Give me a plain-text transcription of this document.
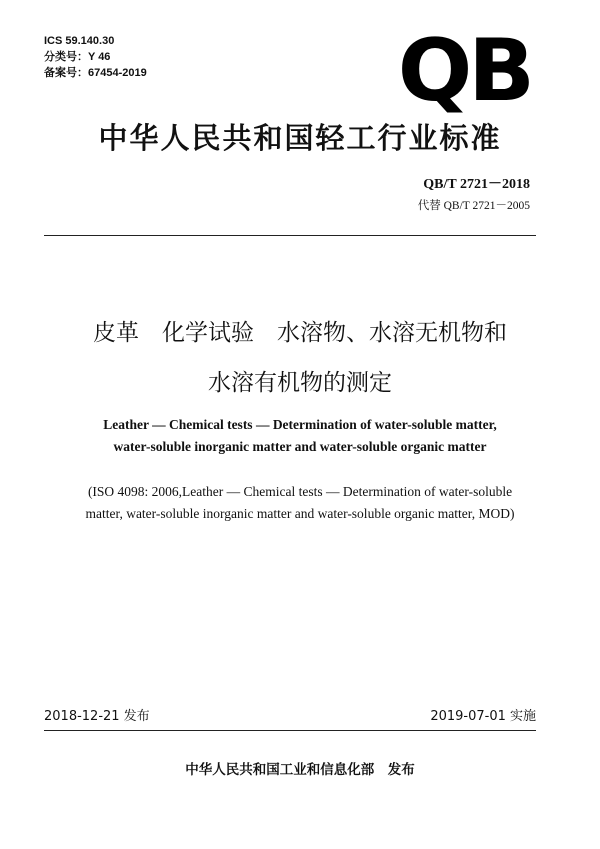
ICS 59.140.30
分类号：Y 46
备案号：67454-2019	QB
中华人民共和国轻工行业标准
QB/T 2721－2018
代替 QB/T 2721－2005
皮革　化学试验　水溶物、水溶无机物和
水溶有机物的测定
Leather — Chemical tests — Determination of water-soluble matter,
water-soluble inorganic matter and water-soluble organic matter
(ISO 4098: 2006,Leather — Chemical tests — Determination of water-soluble
matter, water-soluble inorganic matter and water-soluble organic matter, MOD)
2018-12-21 发布	2019-07-01 实施
中华人民共和国工业和信息化部　发布
